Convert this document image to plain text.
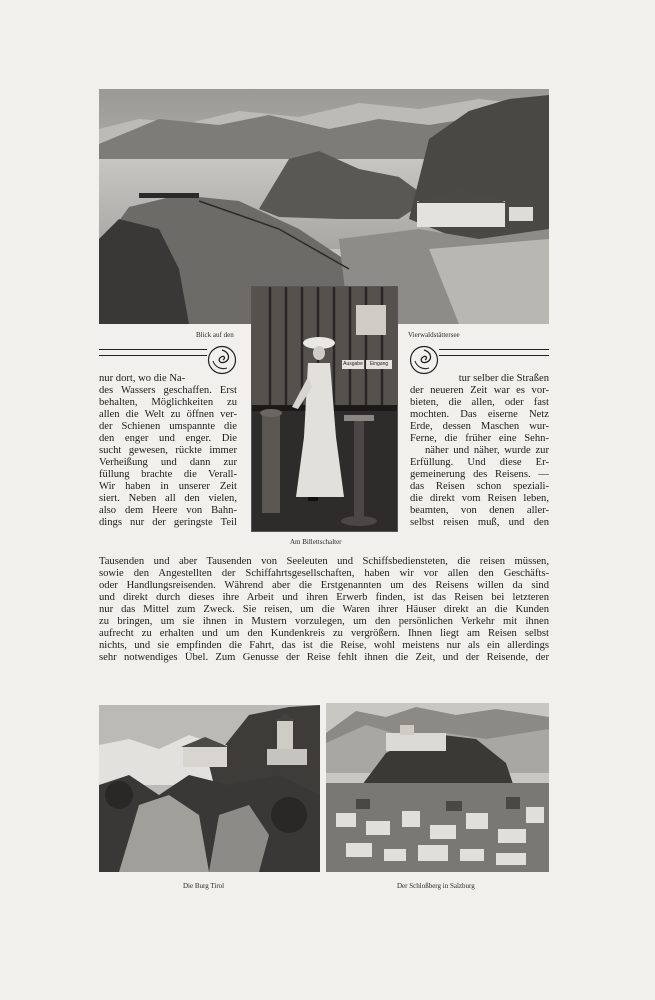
Blick auf den	Vierwaldstättersee
Ausgabe	Eingang
Am Billettschalter
nur dort, wo die Na-
des Wassers geschaffen. Erst
behalten, Möglichkeiten zu
allen die Welt zu öffnen ver-
der Schienen umspannte die
den enger und enger. Die
sucht gewesen, rückte immer
Verheißung und dann zur
füllung brachte die Verall-
Wir haben in unserer Zeit
siert. Neben all den vielen,
also dem Heere von Bahn-
dings nur der geringste Teil
tur selber die Straßen
der neueren Zeit war es vor-
bieten, die allen, oder fast
mochten. Das eiserne Netz
Erde, dessen Maschen wur-
Ferne, die früher eine Sehn-
näher und näher, wurde zur
Erfüllung. Und diese Er-
gemeinerung des Reisens. —
das Reisen schon speziali-
die direkt vom Reisen leben,
beamten, von denen aller-
selbst reisen muß, und den
Tausenden und aber Tausenden von Seeleuten und Schiffsbediensteten, die reisen müssen,
sowie den Angestellten der Schiffahrtsgesellschaften, haben wir vor allen den Geschäfts-
oder Handlungsreisenden. Während aber die Erstgenannten um des Reisens willen da sind
und direkt durch dieses ihre Arbeit und ihren Erwerb finden, ist das Reisen bei letzteren
nur das Mittel zum Zweck. Sie reisen, um die Waren ihrer Häuser direkt an die Kunden
zu bringen, um sie ihnen in Mustern vorzulegen, um den persönlichen Verkehr mit ihnen
aufrecht zu erhalten und um den Kundenkreis zu vergrößern. Ihnen liegt am Reisen selbst
nichts, und sie empfinden die Fahrt, das ist die Reise, wohl meistens nur als ein allerdings
sehr notwendiges Übel. Zum Genusse der Reise fehlt ihnen die Zeit, und der Reisende, der
Die Burg Tirol	Der Schloßberg in Salzburg
